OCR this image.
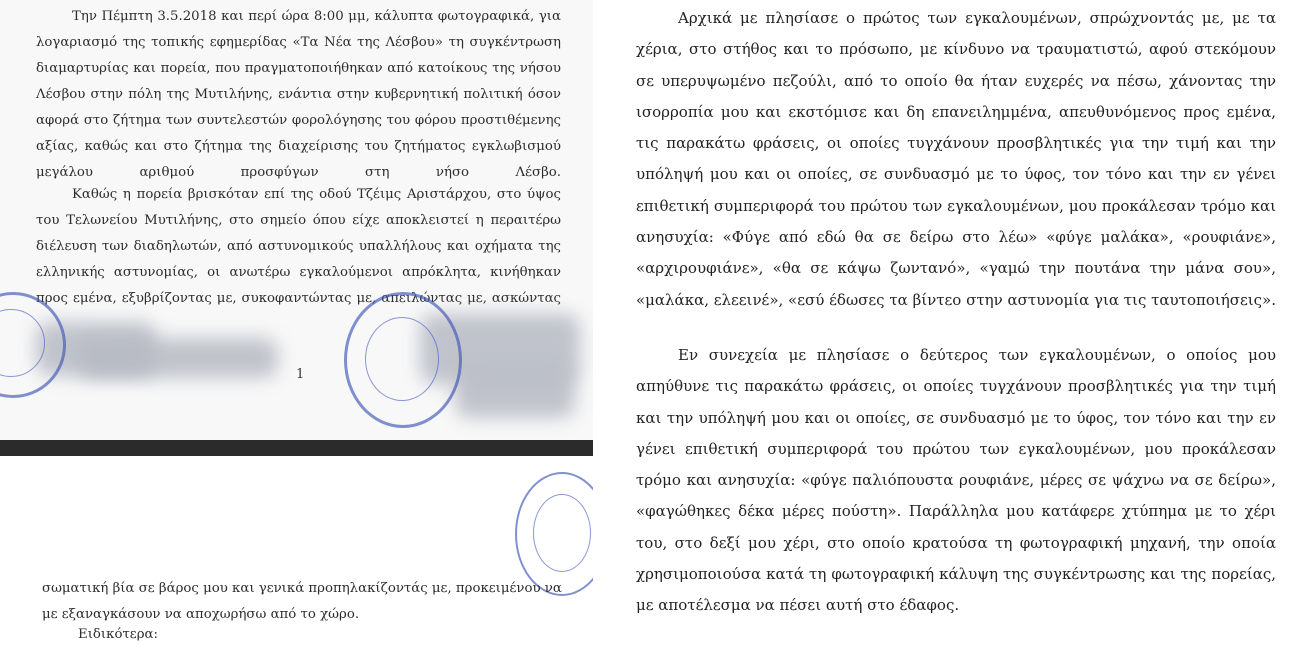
Την Πέμπτη 3.5.2018 και περί ώρα 8:00 μμ, κάλυπτα φωτογραφικά, για λογαριασμό της τοπικής εφημερίδας «Τα Νέα της Λέσβου» τη συγκέντρωση διαμαρτυρίας και πορεία, που πραγματοποιήθηκαν από κατοίκους της νήσου Λέσβου στην πόλη της Μυτιλήνης, ενάντια στην κυβερνητική πολιτική όσον αφορά στο ζήτημα των συντελεστών φορολόγησης του φόρου προστιθέμενης αξίας, καθώς και στο ζήτημα της διαχείρισης του ζητήματος εγκλωβισμού μεγάλου αριθμού προσφύγων στη νήσο Λέσβο.

Καθώς η πορεία βρισκόταν επί της οδού Τζέιμς Αριστάρχου, στο ύψος του Τελωνείου Μυτιλήνης, στο σημείο όπου είχε αποκλειστεί η περαιτέρω διέλευση των διαδηλωτών, από αστυνομικούς υπαλλήλους και οχήματα της ελληνικής αστυνομίας, οι ανωτέρω εγκαλούμενοι απρόκλητα, κινήθηκαν προς εμένα, εξυβρίζοντας με, συκοφαντώντας με, απειλώντας με, ασκώντας

1

σωματική βία σε βάρος μου και γενικά προπηλακίζοντάς με, προκειμένου να με εξαναγκάσουν να αποχωρήσω από το χώρο.

Ειδικότερα:

Αρχικά με πλησίασε ο πρώτος των εγκαλουμένων, σπρώχνοντάς με, με τα χέρια, στο στήθος και το πρόσωπο, με κίνδυνο να τραυματιστώ, αφού στεκόμουν σε υπερυψωμένο πεζούλι, από το οποίο θα ήταν ευχερές να πέσω, χάνοντας την ισορροπία μου και εκστόμισε και δη επανειλημμένα, απευθυνόμενος προς εμένα, τις παρακάτω φράσεις, οι οποίες τυγχάνουν προσβλητικές για την τιμή και την υπόληψή μου και οι οποίες, σε συνδυασμό με το ύφος, τον τόνο και την εν γένει επιθετική συμπεριφορά του πρώτου των εγκαλουμένων, μου προκάλεσαν τρόμο και ανησυχία: «Φύγε από εδώ θα σε δείρω στο λέω» «φύγε μαλάκα», «ρουφιάνε», «αρχιρουφιάνε», «θα σε κάψω ζωντανό», «γαμώ την πουτάνα την μάνα σου», «μαλάκα, ελεεινέ», «εσύ έδωσες τα βίντεο στην αστυνομία για τις ταυτοποιήσεις».

Εν συνεχεία με πλησίασε ο δεύτερος των εγκαλουμένων, ο οποίος μου απηύθυνε τις παρακάτω φράσεις, οι οποίες τυγχάνουν προσβλητικές για την τιμή και την υπόληψή μου και οι οποίες, σε συνδυασμό με το ύφος, τον τόνο και την εν γένει επιθετική συμπεριφορά του πρώτου των εγκαλουμένων, μου προκάλεσαν τρόμο και ανησυχία: «φύγε παλιόπουστα ρουφιάνε, μέρες σε ψάχνω να σε δείρω», «φαγώθηκες δέκα μέρες πούστη». Παράλληλα μου κατάφερε χτύπημα με το χέρι του, στο δεξί μου χέρι, στο οποίο κρατούσα τη φωτογραφική μηχανή, την οποία χρησιμοποιούσα κατά τη φωτογραφική κάλυψη της συγκέντρωσης και της πορείας, με αποτέλεσμα να πέσει αυτή στο έδαφος.
